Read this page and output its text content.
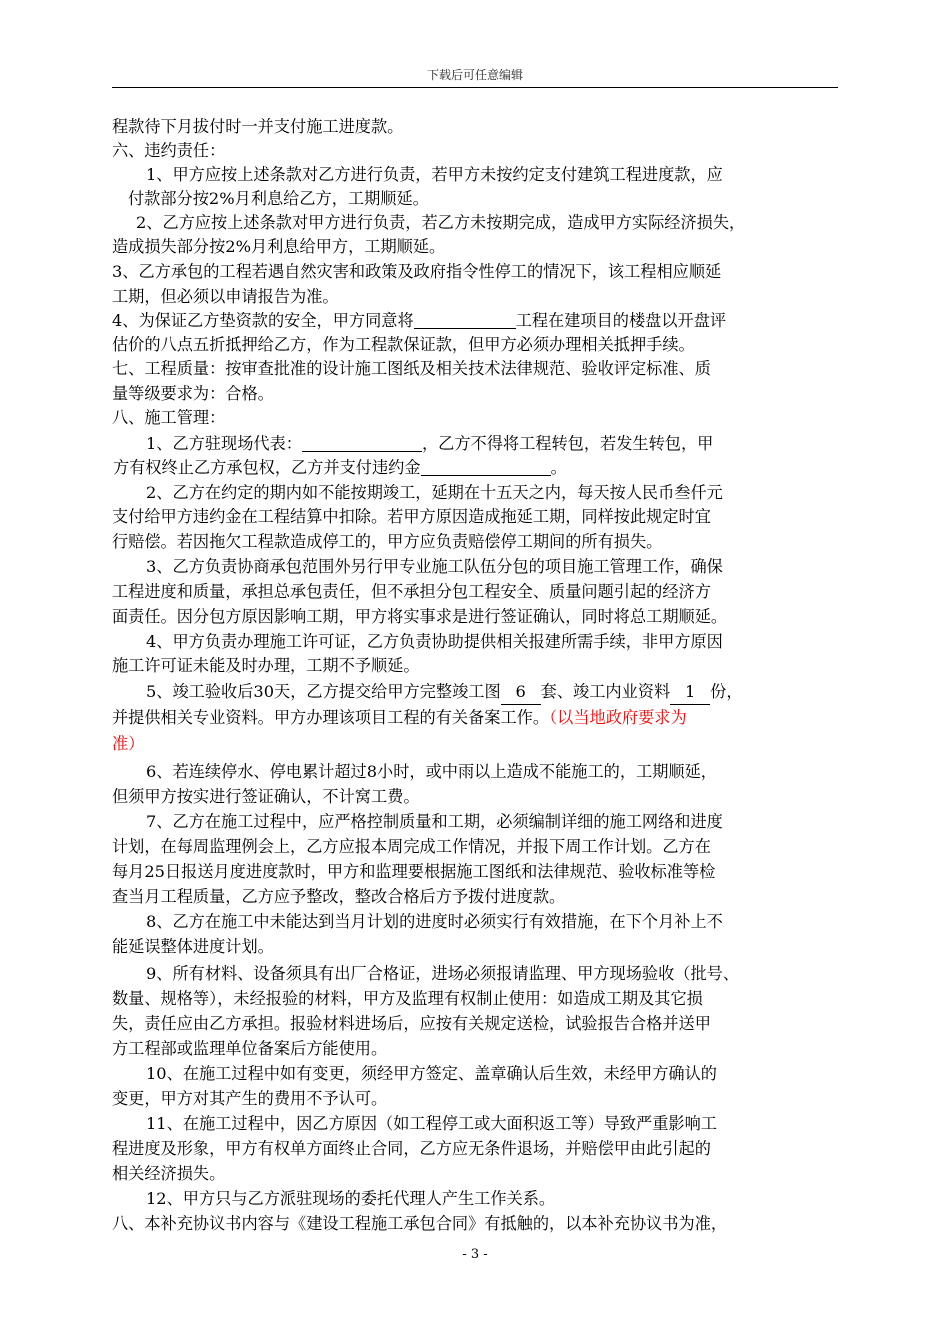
下载后可任意编辑

程款待下月拔付时一并支付施工进度款。

六、违约责任：

1、甲方应按上述条款对乙方进行负责，若甲方未按约定支付建筑工程进度款，应

付款部分按2%月利息给乙方，工期顺延。

2、乙方应按上述条款对甲方进行负责，若乙方未按期完成，造成甲方实际经济损失，

造成损失部分按2%月利息给甲方，工期顺延。

3、乙方承包的工程若遇自然灾害和政策及政府指令性停工的情况下，该工程相应顺延

工期，但必须以申请报告为准。

4、为保证乙方垫资款的安全，甲方同意将	工程在建项目的楼盘以开盘评

估价的八点五折抵押给乙方，作为工程款保证款，但甲方必须办理相关抵押手续。

七、工程质量：按审查批准的设计施工图纸及相关技术法律规范、验收评定标准、质

量等级要求为：合格。

八、施工管理：

1、乙方驻现场代表：	，乙方不得将工程转包，若发生转包，甲

方有权终止乙方承包权，乙方并支付违约金	。

2、乙方在约定的期内如不能按期竣工，延期在十五天之内，每天按人民币叁仟元

支付给甲方违约金在工程结算中扣除。若甲方原因造成拖延工期，同样按此规定时宜

行赔偿。若因拖欠工程款造成停工的，甲方应负责赔偿停工期间的所有损失。

3、乙方负责协商承包范围外另行甲专业施工队伍分包的项目施工管理工作，确保

工程进度和质量，承担总承包责任，但不承担分包工程安全、质量问题引起的经济方

面责任。因分包方原因影响工期，甲方将实事求是进行签证确认，同时将总工期顺延。

4、甲方负责办理施工许可证，乙方负责协助提供相关报建所需手续，非甲方原因

施工许可证未能及时办理，工期不予顺延。

5、竣工验收后30天，乙方提交给甲方完整竣工图 6 套、竣工内业资料 1 份，

并提供相关专业资料。甲方办理该项目工程的有关备案工作。（以当地政府要求为

准）

6、若连续停水、停电累计超过8小时，或中雨以上造成不能施工的，工期顺延，

但须甲方按实进行签证确认，不计窝工费。

7、乙方在施工过程中，应严格控制质量和工期，必须编制详细的施工网络和进度

计划，在每周监理例会上，乙方应报本周完成工作情况，并报下周工作计划。乙方在

每月25日报送月度进度款时，甲方和监理要根据施工图纸和法律规范、验收标准等检

查当月工程质量，乙方应予整改，整改合格后方予拨付进度款。

8、乙方在施工中未能达到当月计划的进度时必须实行有效措施，在下个月补上不

能延误整体进度计划。

9、所有材料、设备须具有出厂合格证，进场必须报请监理、甲方现场验收（批号、

数量、规格等），未经报验的材料，甲方及监理有权制止使用：如造成工期及其它损

失，责任应由乙方承担。报验材料进场后，应按有关规定送检，试验报告合格并送甲

方工程部或监理单位备案后方能使用。

10、在施工过程中如有变更，须经甲方签定、盖章确认后生效，未经甲方确认的

变更，甲方对其产生的费用不予认可。

11、在施工过程中，因乙方原因（如工程停工或大面积返工等）导致严重影响工

程进度及形象，甲方有权单方面终止合同，乙方应无条件退场，并赔偿甲由此引起的

相关经济损失。

12、甲方只与乙方派驻现场的委托代理人产生工作关系。

八、本补充协议书内容与《建设工程施工承包合同》有抵触的，以本补充协议书为准，

- 3 -
